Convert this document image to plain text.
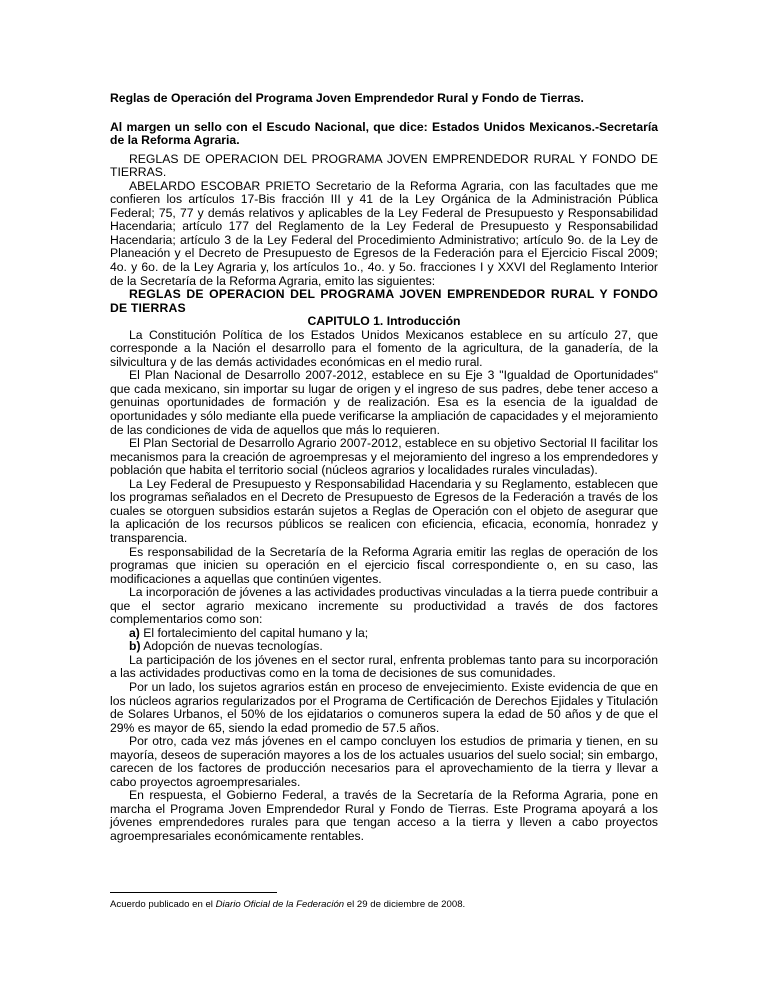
Reglas de Operación del Programa Joven Emprendedor Rural y Fondo de Tierras.

Al margen un sello con el Escudo Nacional, que dice: Estados Unidos Mexicanos.-Secretaría de la Reforma Agraria.

REGLAS DE OPERACION DEL PROGRAMA JOVEN EMPRENDEDOR RURAL Y FONDO DE TIERRAS.

ABELARDO ESCOBAR PRIETO Secretario de la Reforma Agraria, con las facultades que me confieren los artículos 17-Bis fracción III y 41 de la Ley Orgánica de la Administración Pública Federal; 75, 77 y demás relativos y aplicables de la Ley Federal de Presupuesto y Responsabilidad Hacendaria; artículo 177 del Reglamento de la Ley Federal de Presupuesto y Responsabilidad Hacendaria; artículo 3 de la Ley Federal del Procedimiento Administrativo; artículo 9o. de la Ley de Planeación y el Decreto de Presupuesto de Egresos de la Federación para el Ejercicio Fiscal 2009; 4o. y 6o. de la Ley Agraria y, los artículos 1o., 4o. y 5o. fracciones I y XXVI del Reglamento Interior de la Secretaría de la Reforma Agraria, emito las siguientes:

REGLAS DE OPERACION DEL PROGRAMA JOVEN EMPRENDEDOR RURAL Y FONDO DE TIERRAS

CAPITULO 1. Introducción

La Constitución Política de los Estados Unidos Mexicanos establece en su artículo 27, que corresponde a la Nación el desarrollo para el fomento de la agricultura, de la ganadería, de la silvicultura y de las demás actividades económicas en el medio rural.

El Plan Nacional de Desarrollo 2007-2012, establece en su Eje 3 "Igualdad de Oportunidades" que cada mexicano, sin importar su lugar de origen y el ingreso de sus padres, debe tener acceso a genuinas oportunidades de formación y de realización. Esa es la esencia de la igualdad de oportunidades y sólo mediante ella puede verificarse la ampliación de capacidades y el mejoramiento de las condiciones de vida de aquellos que más lo requieren.

El Plan Sectorial de Desarrollo Agrario 2007-2012, establece en su objetivo Sectorial II facilitar los mecanismos para la creación de agroempresas y el mejoramiento del ingreso a los emprendedores y población que habita el territorio social (núcleos agrarios y localidades rurales vinculadas).

La Ley Federal de Presupuesto y Responsabilidad Hacendaria y su Reglamento, establecen que los programas señalados en el Decreto de Presupuesto de Egresos de la Federación a través de los cuales se otorguen subsidios estarán sujetos a Reglas de Operación con el objeto de asegurar que la aplicación de los recursos públicos se realicen con eficiencia, eficacia, economía, honradez y transparencia.

Es responsabilidad de la Secretaría de la Reforma Agraria emitir las reglas de operación de los programas que inicien su operación en el ejercicio fiscal correspondiente o, en su caso, las modificaciones a aquellas que continúen vigentes.

La incorporación de jóvenes a las actividades productivas vinculadas a la tierra puede contribuir a que el sector agrario mexicano incremente su productividad a través de dos factores complementarios como son:

a) El fortalecimiento del capital humano y la;

b) Adopción de nuevas tecnologías.

La participación de los jóvenes en el sector rural, enfrenta problemas tanto para su incorporación a las actividades productivas como en la toma de decisiones de sus comunidades.

Por un lado, los sujetos agrarios están en proceso de envejecimiento. Existe evidencia de que en los núcleos agrarios regularizados por el Programa de Certificación de Derechos Ejidales y Titulación de Solares Urbanos, el 50% de los ejidatarios o comuneros supera la edad de 50 años y de que el 29% es mayor de 65, siendo la edad promedio de 57.5 años.

Por otro, cada vez más jóvenes en el campo concluyen los estudios de primaria y tienen, en su mayoría, deseos de superación mayores a los de los actuales usuarios del suelo social; sin embargo, carecen de los factores de producción necesarios para el aprovechamiento de la tierra y llevar a cabo proyectos agroempresariales.

En respuesta, el Gobierno Federal, a través de la Secretaría de la Reforma Agraria, pone en marcha el Programa Joven Emprendedor Rural y Fondo de Tierras. Este Programa apoyará a los jóvenes emprendedores rurales para que tengan acceso a la tierra y lleven a cabo proyectos agroempresariales económicamente rentables.

Acuerdo publicado en el Diario Oficial de la Federación el 29 de diciembre de 2008.
